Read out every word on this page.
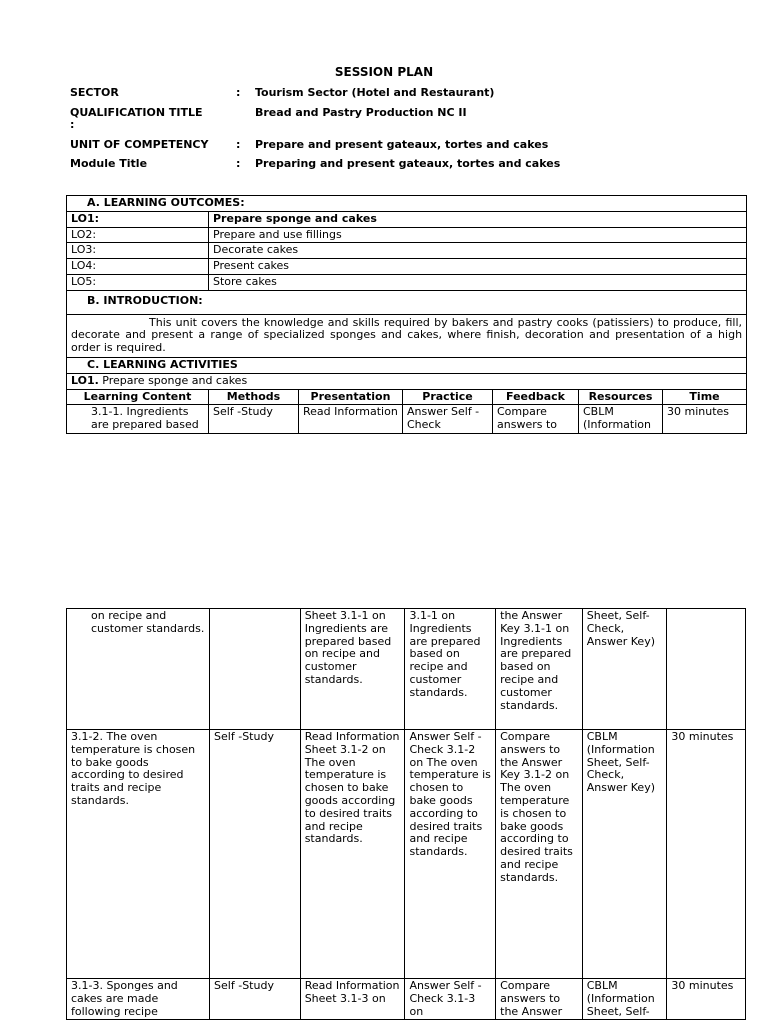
SESSION PLAN
SECTOR	: Tourism Sector (Hotel and Restaurant)
QUALIFICATION TITLE	Bread and Pastry Production NC II
:
UNIT OF COMPETENCY	: Prepare and present gateaux, tortes and cakes
Module Title	: Preparing and present gateaux, tortes and cakes
A. LEARNING OUTCOMES:						
LO1:	Prepare sponge and cakes					
LO2:	Prepare and use fillings					
LO3:	Decorate cakes					
LO4:	Present cakes					
LO5:	Store cakes					
B. INTRODUCTION:						
This unit covers the knowledge and skills required by bakers and pastry cooks (patissiers) to produce, fill, decorate and present a range of specialized sponges and cakes, where finish, decoration and presentation of a high order is required.						
C. LEARNING ACTIVITIES						
LO1. Prepare sponge and cakes						
Learning Content	Methods	Presentation	Practice	Feedback	Resources	Time
3.1-1. Ingredients are prepared based	Self -Study	Read Information	Answer Self - Check	Compare answers to	CBLM (Information	30 minutes
on recipe and customer standards.		Sheet 3.1-1 on Ingredients are prepared based on recipe and customer standards.	3.1-1 on Ingredients are prepared based on recipe and customer standards.	the Answer Key 3.1-1 on Ingredients are prepared based on recipe and customer standards.	Sheet, Self-Check, Answer Key)	
3.1-2. The oven temperature is chosen to bake goods according to desired traits and recipe standards.	Self -Study	Read Information Sheet 3.1-2 on The oven temperature is chosen to bake goods according to desired traits and recipe standards.	Answer Self - Check 3.1-2 on The oven temperature is chosen to bake goods according to desired traits and recipe standards.	Compare answers to the Answer Key 3.1-2 on The oven temperature is chosen to bake goods according to desired traits and recipe standards.	CBLM (Information Sheet, Self-Check, Answer Key)	30 minutes
3.1-3. Sponges and cakes are made following recipe	Self -Study	Read Information Sheet 3.1-3 on	Answer Self - Check 3.1-3 on	Compare answers to the Answer	CBLM (Information Sheet, Self-	30 minutes
